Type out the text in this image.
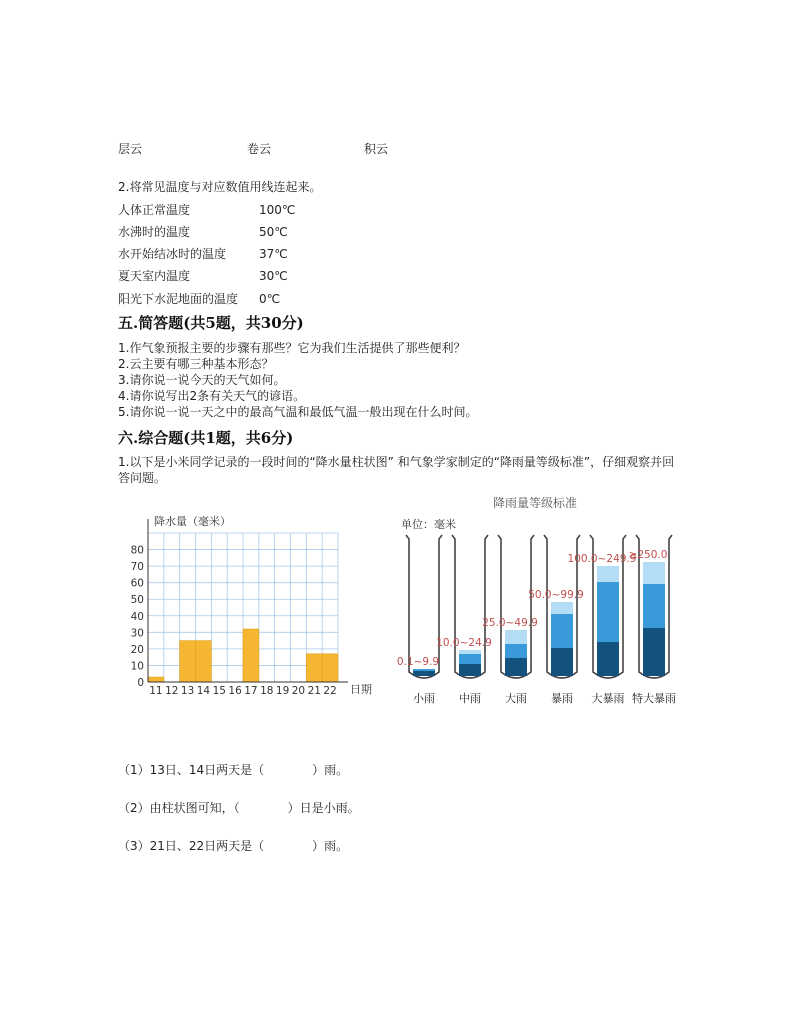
层云	卷云	积云
2.将常见温度与对应数值用线连起来。
人体正常温度
水沸时的温度
水开始结冰时的温度
夏天室内温度
阳光下水泥地面的温度
100℃
50℃
37℃
30℃
0℃
五.简答题(共5题，共30分)
1.作气象预报主要的步骤有那些？它为我们生活提供了那些便利？
2.云主要有哪三种基本形态？
3.请你说一说今天的天气如何。
4.请你说写出2条有关天气的谚语。
5.请你说一说一天之中的最高气温和最低气温一般出现在什么时间。
六.综合题(共1题，共6分)
1.以下是小米同学记录的一段时间的“降水量柱状图” 和气象学家制定的“降雨量等级标准”，仔细观察并回答问题。
降水量（毫米）
日期
0
10
20
30
40
50
60
70
80
11 12 13 14 15 16 17 18 19 20 21 22
降雨量等级标准
单位：毫米
0.1~9.9
小雨
10.0~24.9
中雨
25.0~49.9
大雨
50.0~99.9
暴雨
100.0~249.9
大暴雨
≥250.0
特大暴雨
（1）13日、14日两天是（　　　　）雨。
（2）由柱状图可知，（　　　　）日是小雨。
（3）21日、22日两天是（　　　　）雨。
